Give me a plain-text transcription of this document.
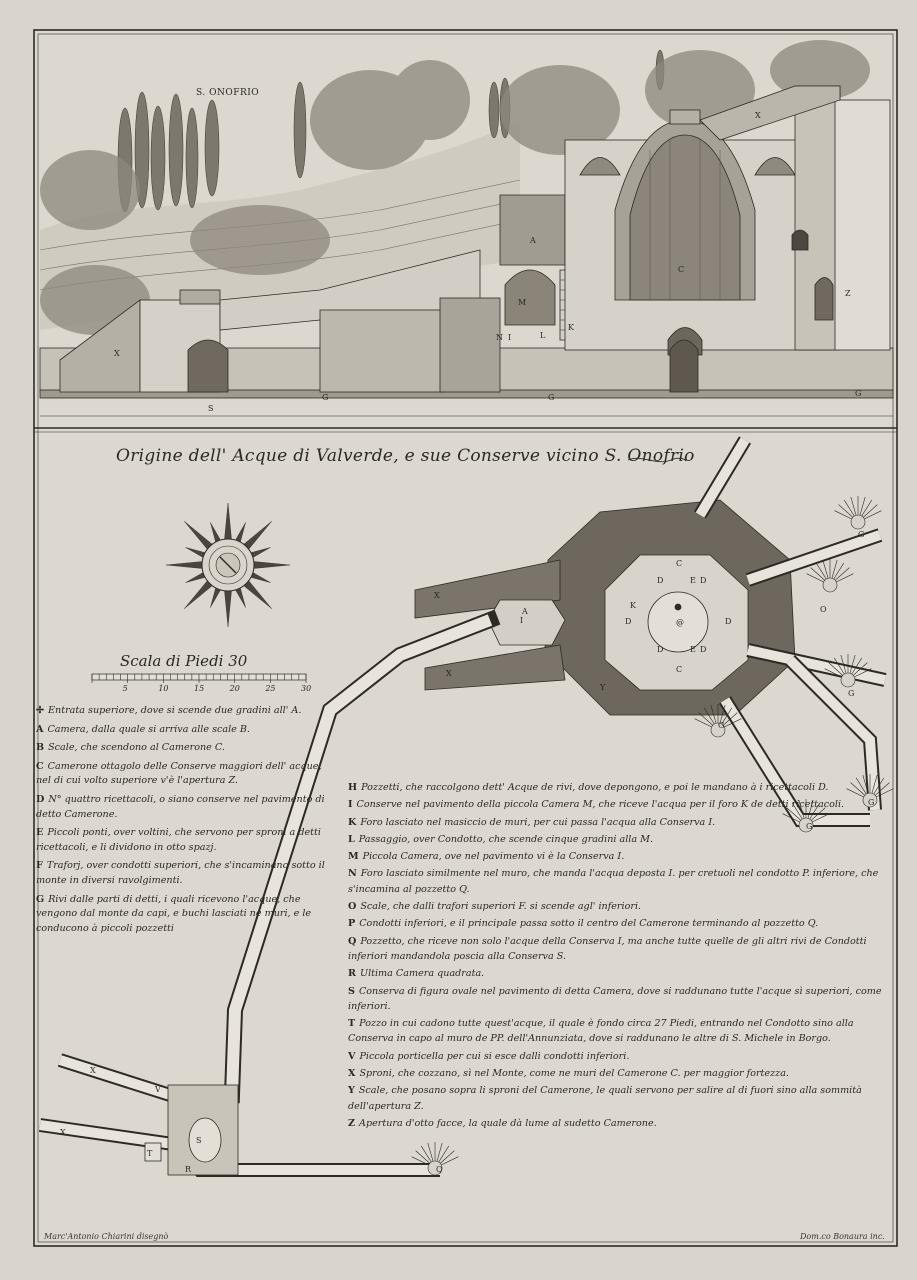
X
A
C
M
K
L
N I
X
S
G	G	G
Z
X
X
Y
A
I
K
C
C
@
D	E D
D	D
D	E D
O
G
G
G
G
G
V
S
T
R	Q
X
X
S. ONOFRIO
Origine dell' Acque di Valverde, e sue Conserve vicino S. Onofrio
Scala di Piedi 30
5	10	15	20	25	30
✢ Entrata superiore, dove si scende due gradini all' A.
A Camera, dalla quale si arriva alle scale B.
B Scale, che scendono al Camerone C.
C Camerone ottagolo delle Conserve maggiori dell' acque, nel di cui volto superiore v'è l'apertura Z.
D N° quattro ricettacoli, o siano conserve nel pavimento di detto Camerone.
E Piccoli ponti, over voltini, che servono per sproni a detti ricettacoli, e li dividono in otto spazj.
F Traforj, over condotti superiori, che s'incaminano sotto il monte in diversi ravolgimenti.
G Rivi dalle parti di detti, i quali ricevono l'acque, che vengono dal monte da capi, e buchi lasciati ne muri, e le conducono à piccoli pozzetti
H Pozzetti, che raccolgono dett' Acque de rivi, dove depongono, e poi le mandano à i ricettacoli D.
I Conserve nel pavimento della piccola Camera M, che riceve l'acqua per il foro K de detti ricettacoli.
K Foro lasciato nel masiccio de muri, per cui passa l'acqua alla Conserva I.
L Passaggio, over Condotto, che scende cinque gradini alla M.
M Piccola Camera, ove nel pavimento vi è la Conserva I.
N Foro lasciato similmente nel muro, che manda l'acqua deposta I. per cretuoli nel condotto P. inferiore, che s'incamina al pozzetto Q.
O Scale, che dalli trafori superiori F. si scende agl' inferiori.
P Condotti inferiori, e il principale passa sotto il centro del Camerone terminando al pozzetto Q.
Q Pozzetto, che riceve non solo l'acque della Conserva I, ma anche tutte quelle de gli altri rivi de Condotti inferiori mandandola poscia alla Conserva S.
R Ultima Camera quadrata.
S Conserva di figura ovale nel pavimento di detta Camera, dove si raddunano tutte l'acque sì superiori, come inferiori.
T Pozzo in cui cadono tutte quest'acque, il quale è fondo circa 27 Piedi, entrando nel Condotto sino alla Conserva in capo al muro de PP. dell'Annunziata, dove si raddunano le altre di S. Michele in Borgo.
V Piccola porticella per cui si esce dalli condotti inferiori.
X Sproni, che cozzano, sì nel Monte, come ne muri del Camerone C. per maggior fortezza.
Y Scale, che posano sopra li sproni del Camerone, le quali servono per salire al di fuori sino alla sommità dell'apertura Z.
Z Apertura d'otto facce, la quale dà lume al sudetto Camerone.
Marc'Antonio Chiarini disegnò	Dom.co Bonaura inc.
